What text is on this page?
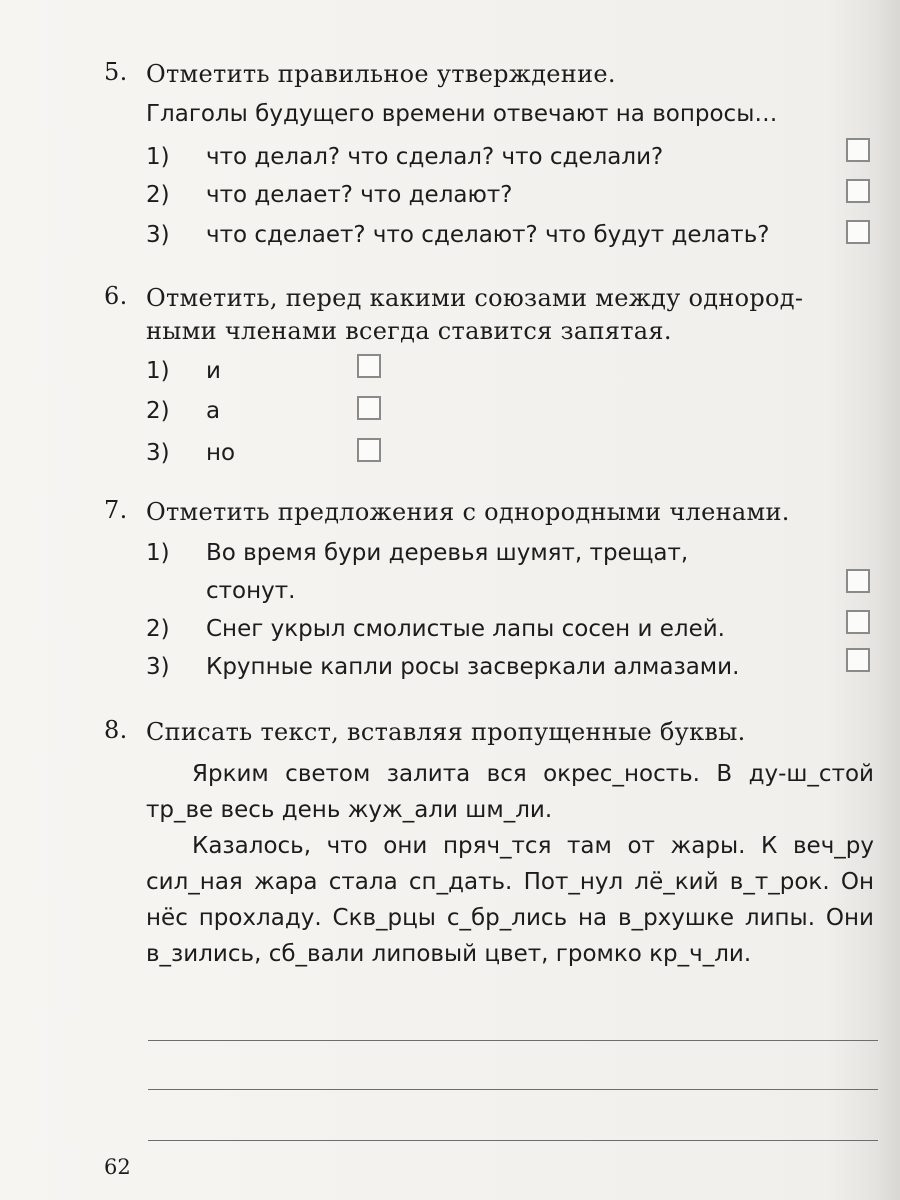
5. Отметить правильное утверждение.
Глаголы будущего времени отвечают на вопросы…
1) что делал? что сделал? что сделали?
2) что делает? что делают?
3) что сделает? что сделают? что будут делать?
6. Отметить, перед какими союзами между однород-
ными членами всегда ставится запятая.
1) и
2) а
3) но
7. Отметить предложения с однородными членами.
1) Во время бури деревья шумят, трещат,
стонут.
2) Снег укрыл смолистые лапы сосен и елей.
3) Крупные капли росы засверкали алмазами.
8. Списать текст, вставляя пропущенные буквы.
Ярким светом залита вся окрес_ность. В ду-ш_стой тр_ве весь день жуж_али шм_ли.
Казалось, что они пряч_тся там от жары. К веч_ру сил_ная жара стала сп_дать. Пот_нул лё_кий в_т_рок. Он нёс прохладу. Скв_рцы с_бр_лись на в_рхушке липы. Они в_зились, сб_вали липовый цвет, громко кр_ч_ли.
62
